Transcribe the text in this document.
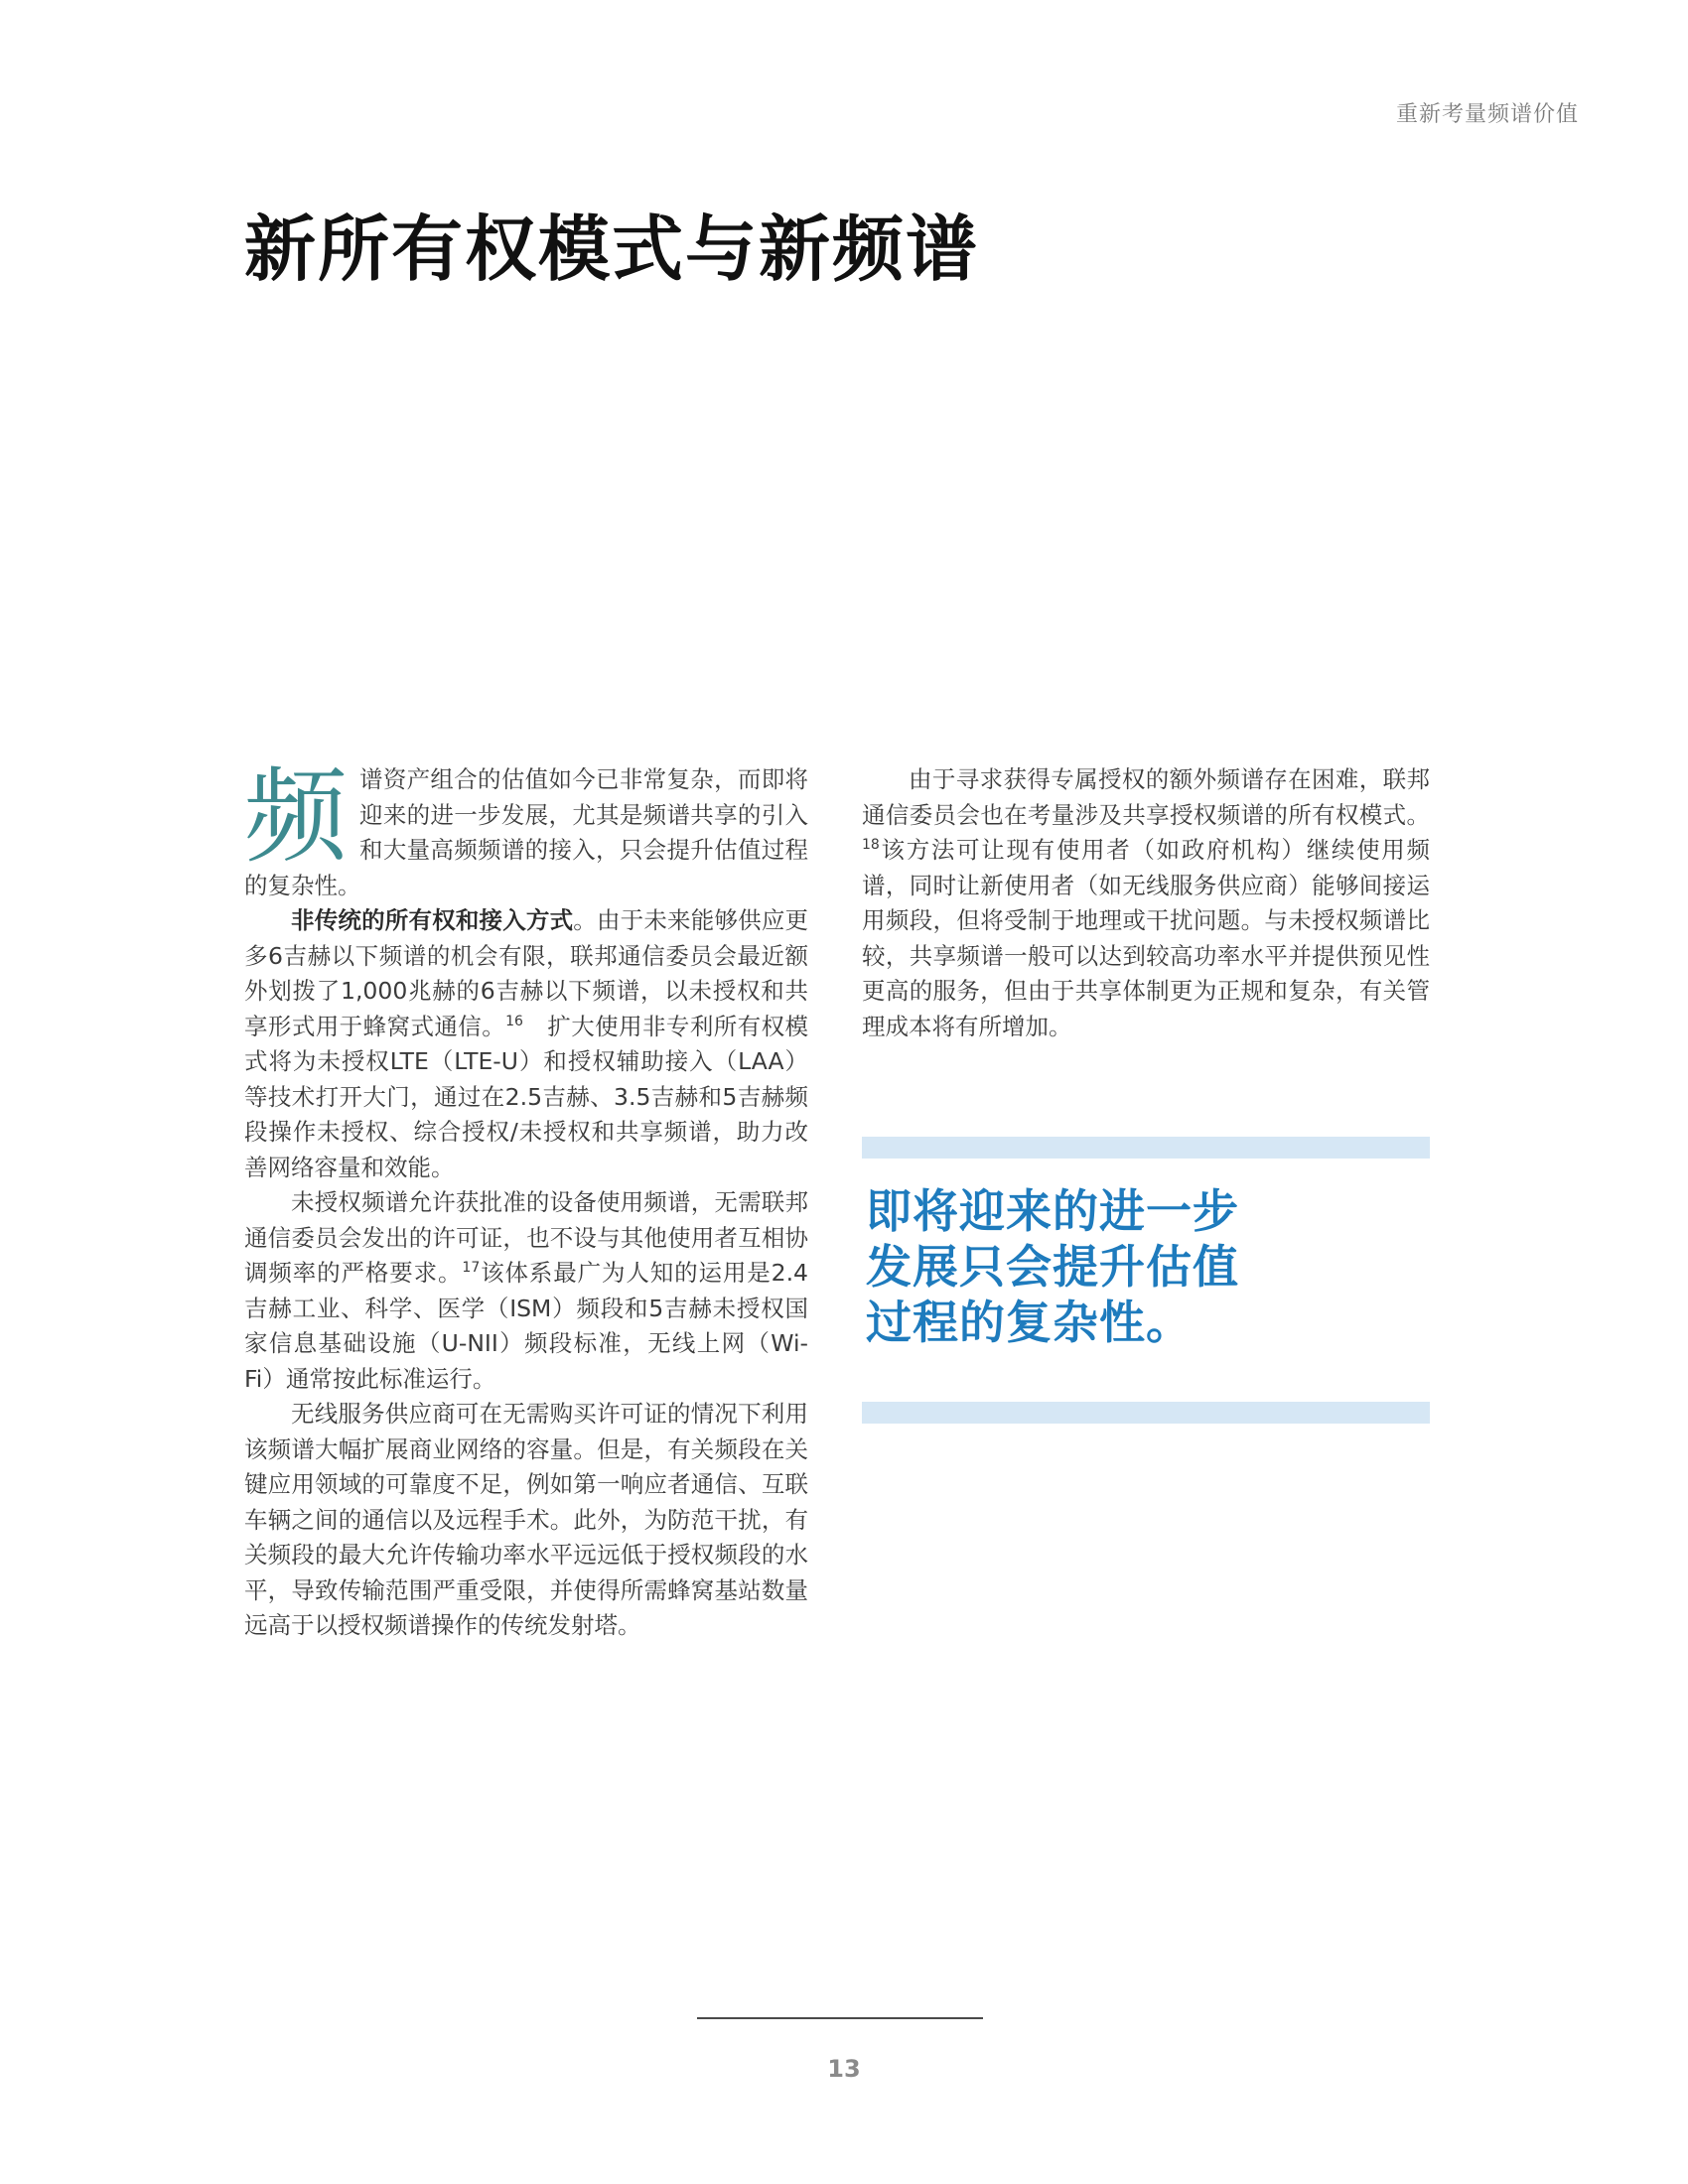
重新考量频谱价值
新所有权模式与新频谱

频谱资产组合的估值如今已非常复杂，而即将迎来的进一步发展，尤其是频谱共享的引入和大量高频频谱的接入，只会提升估值过程的复杂性。

非传统的所有权和接入方式。由于未来能够供应更多6吉赫以下频谱的机会有限，联邦通信委员会最近额外划拨了1,000兆赫的6吉赫以下频谱，以未授权和共享形式用于蜂窝式通信。$^{16}$　扩大使用非专利所有权模式将为未授权LTE（LTE-U）和授权辅助接入（LAA）等技术打开大门，通过在2.5吉赫、3.5吉赫和5吉赫频段操作未授权、综合授权/未授权和共享频谱，助力改善网络容量和效能。

未授权频谱允许获批准的设备使用频谱，无需联邦通信委员会发出的许可证，也不设与其他使用者互相协调频率的严格要求。$^{17}$该体系最广为人知的运用是2.4吉赫工业、科学、医学（ISM）频段和5吉赫未授权国家信息基础设施（U-NII）频段标准，无线上网（Wi-Fi）通常按此标准运行。

无线服务供应商可在无需购买许可证的情况下利用该频谱大幅扩展商业网络的容量。但是，有关频段在关键应用领域的可靠度不足，例如第一响应者通信、互联车辆之间的通信以及远程手术。此外，为防范干扰，有关频段的最大允许传输功率水平远远低于授权频段的水平，导致传输范围严重受限，并使得所需蜂窝基站数量远高于以授权频谱操作的传统发射塔。

由于寻求获得专属授权的额外频谱存在困难，联邦通信委员会也在考量涉及共享授权频谱的所有权模式。$^{18}$该方法可让现有使用者（如政府机构）继续使用频谱，同时让新使用者（如无线服务供应商）能够间接运用频段，但将受制于地理或干扰问题。与未授权频谱比较，共享频谱一般可以达到较高功率水平并提供预见性更高的服务，但由于共享体制更为正规和复杂，有关管理成本将有所增加。

即将迎来的进一步
发展只会提升估值
过程的复杂性。
13
